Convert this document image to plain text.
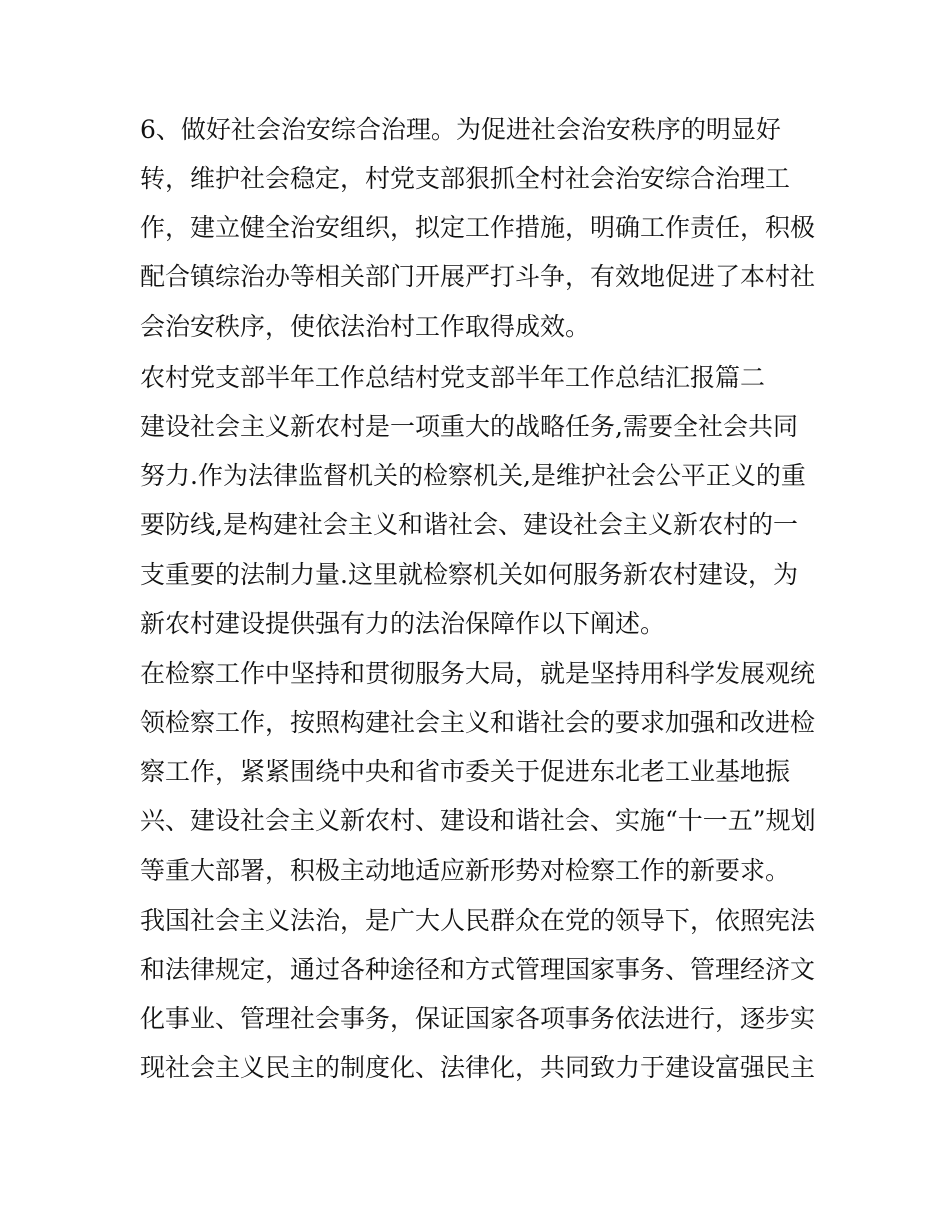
6、做好社会治安综合治理。为促进社会治安秩序的明显好
转，维护社会稳定，村党支部狠抓全村社会治安综合治理工
作，建立健全治安组织，拟定工作措施，明确工作责任，积极
配合镇综治办等相关部门开展严打斗争，有效地促进了本村社
会治安秩序，使依法治村工作取得成效。
农村党支部半年工作总结村党支部半年工作总结汇报篇二
建设社会主义新农村是一项重大的战略任务,需要全社会共同
努力.作为法律监督机关的检察机关,是维护社会公平正义的重
要防线,是构建社会主义和谐社会、建设社会主义新农村的一
支重要的法制力量.这里就检察机关如何服务新农村建设，为
新农村建设提供强有力的法治保障作以下阐述。
在检察工作中坚持和贯彻服务大局，就是坚持用科学发展观统
领检察工作，按照构建社会主义和谐社会的要求加强和改进检
察工作，紧紧围绕中央和省市委关于促进东北老工业基地振
兴、建设社会主义新农村、建设和谐社会、实施“十一五”规划
等重大部署，积极主动地适应新形势对检察工作的新要求。
我国社会主义法治，是广大人民群众在党的领导下，依照宪法
和法律规定，通过各种途径和方式管理国家事务、管理经济文
化事业、管理社会事务，保证国家各项事务依法进行，逐步实
现社会主义民主的制度化、法律化，共同致力于建设富强民主
